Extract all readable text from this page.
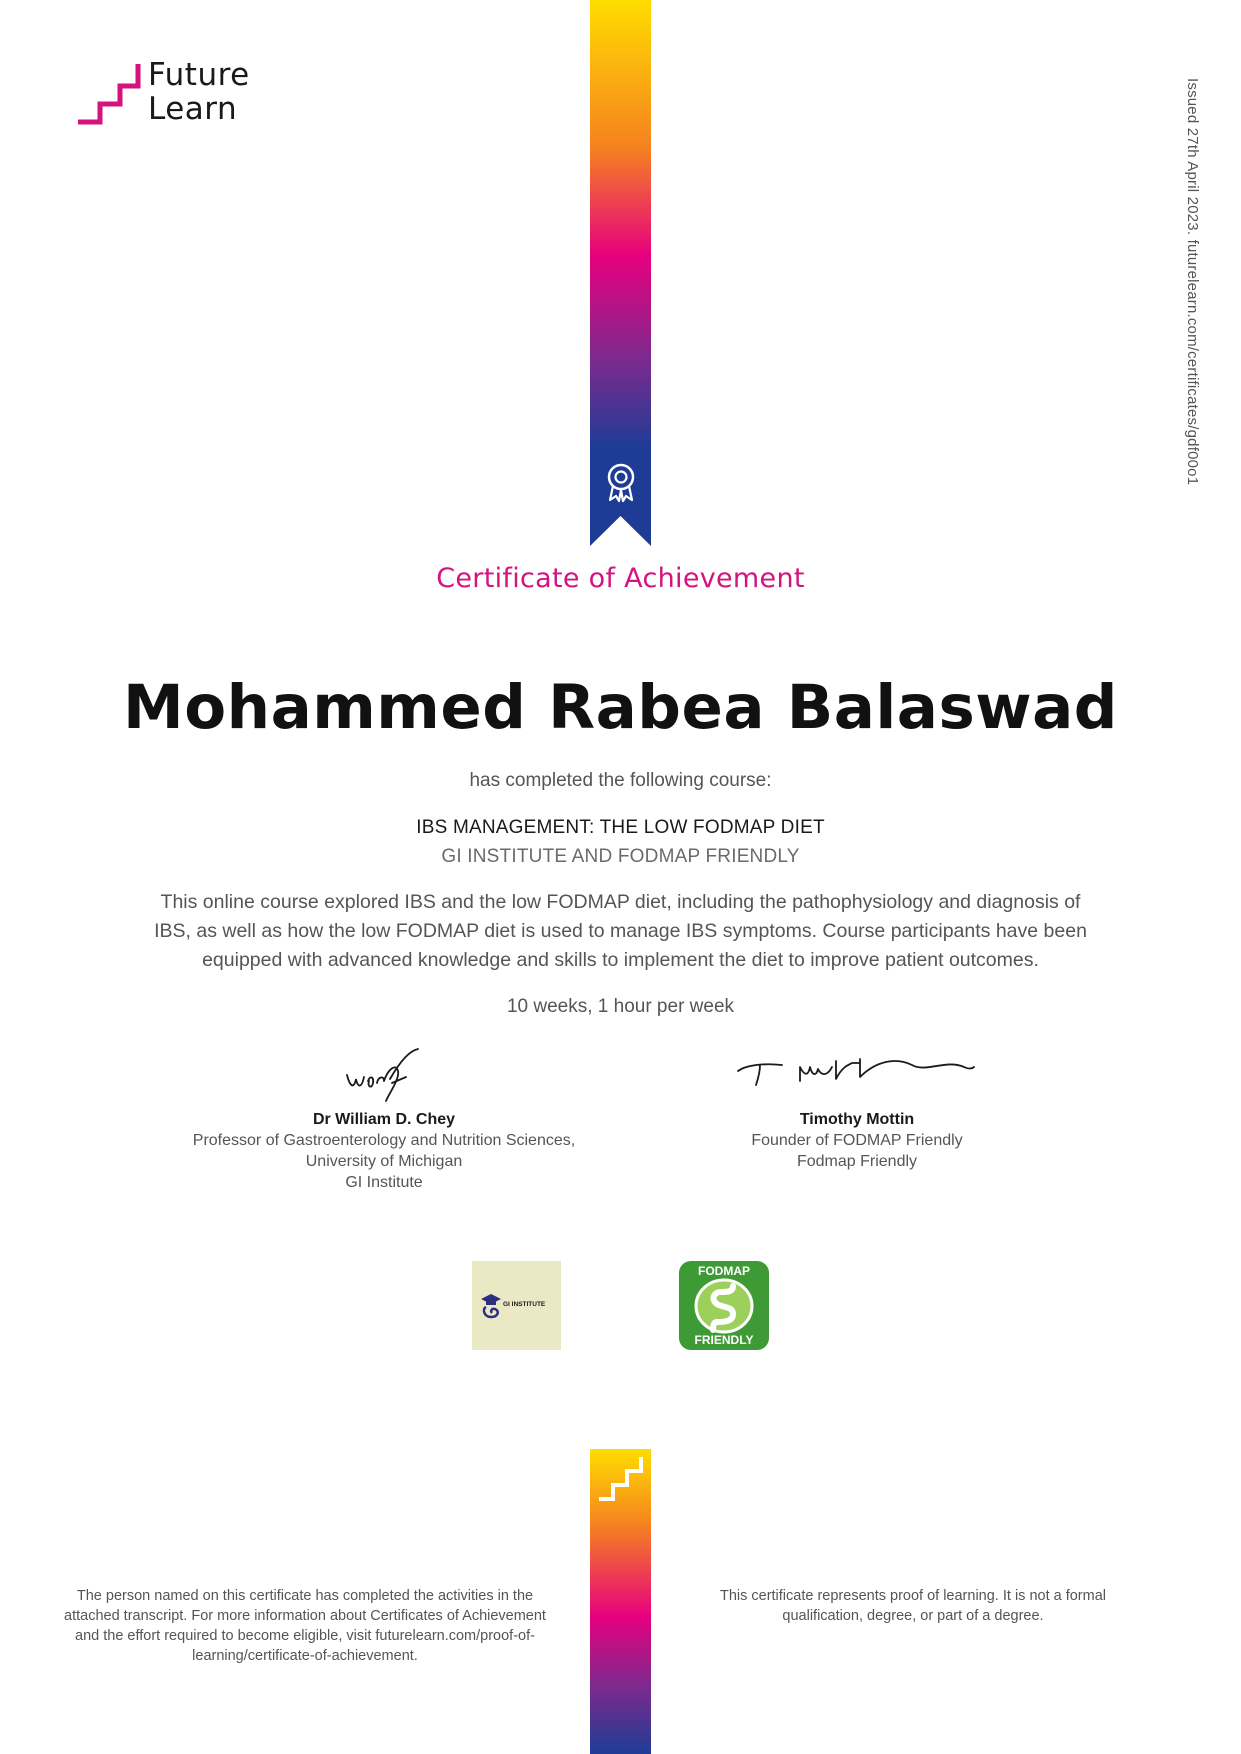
Future
Learn	Issued 27th April 2023. futurelearn.com/certificates/gdf00o1
Certificate of Achievement
Mohammed Rabea Balaswad
has completed the following course:
IBS MANAGEMENT: THE LOW FODMAP DIET
GI INSTITUTE AND FODMAP FRIENDLY
This online course explored IBS and the low FODMAP diet, including the pathophysiology and diagnosis of IBS, as well as how the low FODMAP diet is used to manage IBS symptoms. Course participants have been equipped with advanced knowledge and skills to implement the diet to improve patient outcomes.
10 weeks, 1 hour per week
Dr William D. Chey
Professor of Gastroenterology and Nutrition Sciences,
University of Michigan
GI Institute
Timothy Mottin
Founder of FODMAP Friendly
Fodmap Friendly
GI INSTITUTE
FODMAP
FRIENDLY
The person named on this certificate has completed the activities in the attached transcript. For more information about Certificates of Achievement and the effort required to become eligible, visit futurelearn.com/proof-of-learning/certificate-of-achievement.
This certificate represents proof of learning. It is not a formal qualification, degree, or part of a degree.
